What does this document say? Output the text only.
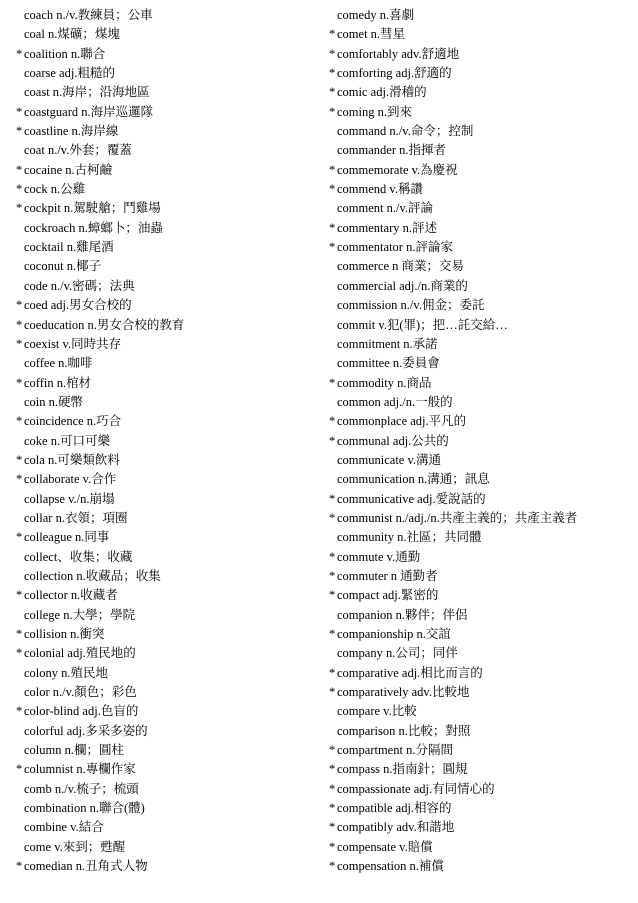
coach n./v.教練員；公車
coal n.煤礦；煤塊
* coalition n.聯合
coarse adj.粗糙的
coast n.海岸；沿海地區
* coastguard n.海岸巡邏隊
* coastline n.海岸線
coat n./v.外套；覆蓋
* cocaine n.古柯鹼
* cock n.公雞
* cockpit n.駕駛艙；鬥雞場
cockroach n.蟑螂卜；油蟲
cocktail n.雞尾酒
coconut n.椰子
code n./v.密碼；法典
* coed adj.男女合校的
* coeducation n.男女合校的教育
* coexist v.同時共存
coffee n.咖啡
* coffin n.棺材
coin n.硬幣
* coincidence n.巧合
coke n.可口可樂
* cola n.可樂類飲料
* collaborate v.合作
collapse v./n.崩塌
collar n.衣領；項圈
* colleague n.同事
collect、收集；收藏
collection n.收藏品；收集
* collector n.收藏者
college n.大學；學院
* collision n.衝突
* colonial adj.殖民地的
colony n.殖民地
color n./v.顏色；彩色
* color-blind adj.色盲的
colorful adj.多采多姿的
column n.欄；圓柱
* columnist n.專欄作家
comb n./v.梳子；梳頭
combination n.聯合(體)
combine v.結合
come v.來到；甦醒
* comedian n.丑角式人物
comedy n.喜劇
* comet n.彗星
* comfortably adv.舒適地
* comforting adj.舒適的
* comic adj.滑稽的
* coming n.到來
command n./v.命令；控制
commander n.指揮者
* commemorate v.為慶祝
* commend v.稱讚
comment n./v.評論
* commentary n.評述
* commentator n.評論家
commerce n 商業；交易
commercial adj./n.商業的
commission n./v.佣金；委託
commit v.犯(罪)；把…託交給…
commitment n.承諾
committee n.委員會
* commodity n.商品
common adj./n.一般的
* commonplace adj.平凡的
* communal adj.公共的
communicate v.溝通
communication n.溝通；訊息
* communicative adj.愛說話的
* communist n./adj./n.共產主義的；共產主義者
community n.社區；共同體
* commute v.通勤
* commuter n 通勤者
* compact adj.緊密的
companion n.夥伴；伴侶
* companionship n.交誼
company n.公司；同伴
* comparative adj.相比而言的
* comparatively adv.比較地
compare v.比較
comparison n.比較；對照
* compartment n.分隔間
* compass n.指南針；圓規
* compassionate adj.有同情心的
* compatible adj.相容的
* compatibly adv.和諧地
* compensate v.賠償
* compensation n.補償
